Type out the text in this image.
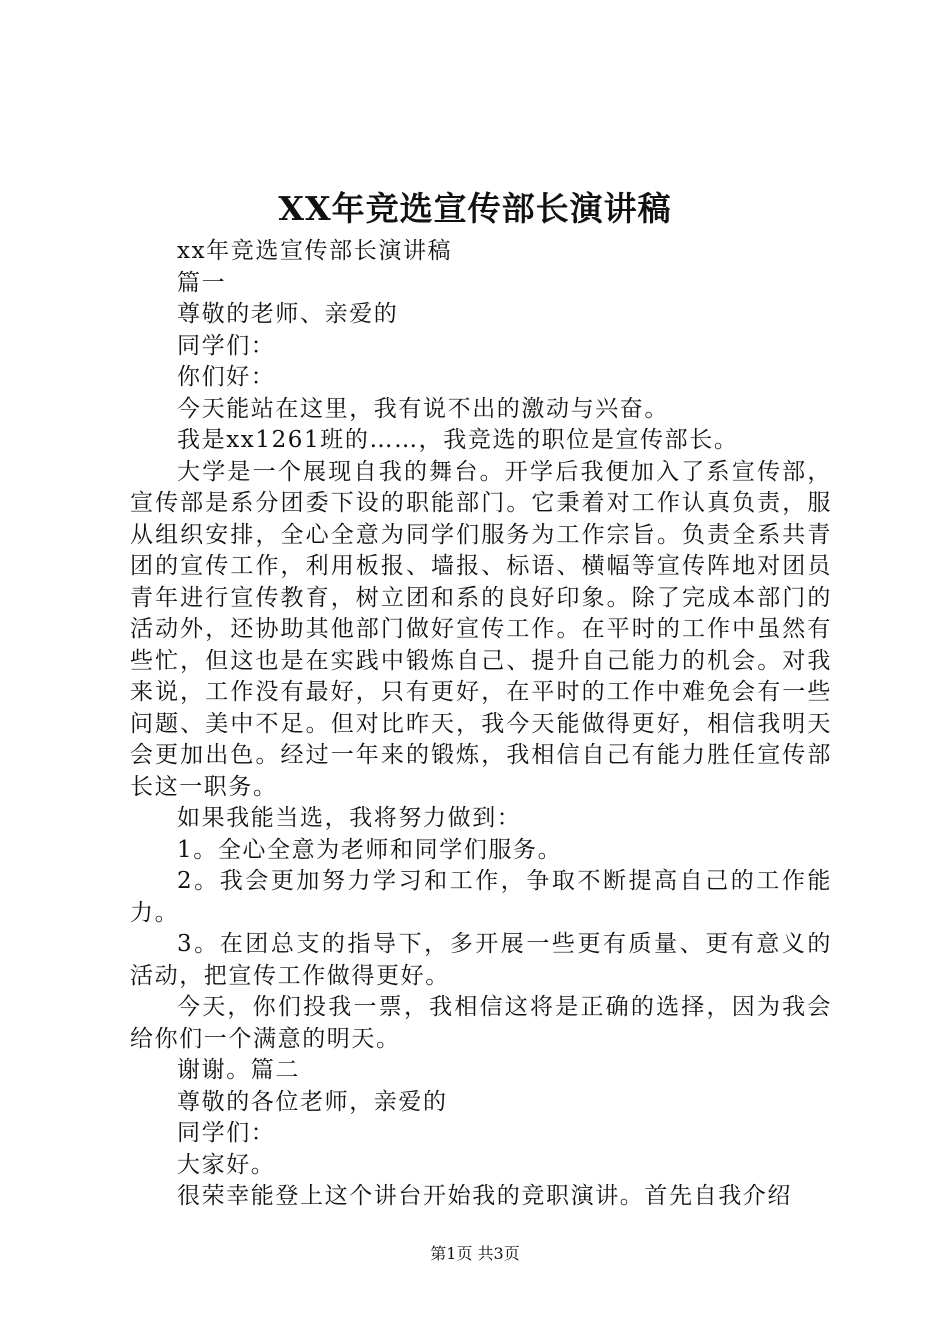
XX年竞选宣传部长演讲稿

xx年竞选宣传部长演讲稿

篇一

尊敬的老师、亲爱的

同学们：

你们好：

今天能站在这里，我有说不出的激动与兴奋。

我是xx1261班的……，我竞选的职位是宣传部长。

大学是一个展现自我的舞台。开学后我便加入了系宣传部，宣传部是系分团委下设的职能部门。它秉着对工作认真负责，服从组织安排，全心全意为同学们服务为工作宗旨。负责全系共青团的宣传工作，利用板报、墙报、标语、横幅等宣传阵地对团员青年进行宣传教育，树立团和系的良好印象。除了完成本部门的活动外，还协助其他部门做好宣传工作。在平时的工作中虽然有些忙，但这也是在实践中锻炼自己、提升自己能力的机会。对我来说，工作没有最好，只有更好，在平时的工作中难免会有一些问题、美中不足。但对比昨天，我今天能做得更好，相信我明天会更加出色。经过一年来的锻炼，我相信自己有能力胜任宣传部长这一职务。

如果我能当选，我将努力做到：

1。全心全意为老师和同学们服务。

2。我会更加努力学习和工作，争取不断提高自己的工作能力。

3。在团总支的指导下，多开展一些更有质量、更有意义的活动，把宣传工作做得更好。

今天，你们投我一票，我相信这将是正确的选择，因为我会给你们一个满意的明天。

谢谢。篇二

尊敬的各位老师，亲爱的

同学们：

大家好。

很荣幸能登上这个讲台开始我的竞职演讲。首先自我介绍

第1页 共3页
